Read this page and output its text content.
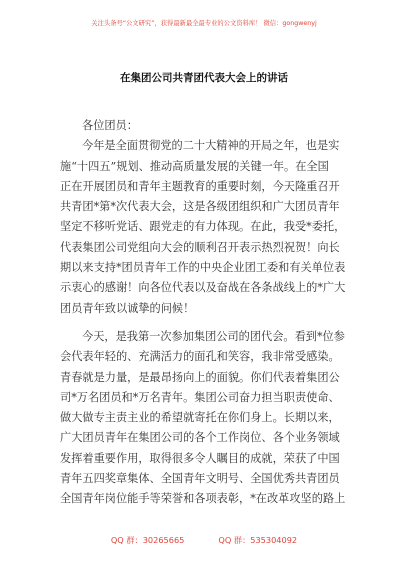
关注头条号“公文研究”，获得最新最全最专业的公文资料库！ 微信：gongwenyj
在集团公司共青团代表大会上的讲话
各位团员：
今年是全面贯彻党的二十大精神的开局之年，也是实
施“十四五”规划、推动高质量发展的关键一年。在全国
正在开展团员和青年主题教育的重要时刻，今天隆重召开
共青团*第*次代表大会，这是各级团组织和广大团员青年
坚定不移听党话、跟党走的有力体现。在此，我受*委托，
代表集团公司党组向大会的顺利召开表示热烈祝贺！向长
期以来支持*团员青年工作的中央企业团工委和有关单位表
示衷心的感谢！向各位代表以及奋战在各条战线上的*广大
团员青年致以诚挚的问候！
今天，是我第一次参加集团公司的团代会。看到*位参
会代表年轻的、充满活力的面孔和笑容，我非常受感染。
青春就是力量，是最昂扬向上的面貌。你们代表着集团公
司*万名团员和*万名青年。集团公司奋力担当职责使命、
做大做专主责主业的希望就寄托在你们身上。长期以来，
广大团员青年在集团公司的各个工作岗位、各个业务领域
发挥着重要作用，取得很多令人瞩目的成就，荣获了中国
青年五四奖章集体、全国青年文明号、全国优秀共青团员
全国青年岗位能手等荣誉和各项表彰，*在改革攻坚的路上
QQ 群：30265665	QQ 群：535304092
